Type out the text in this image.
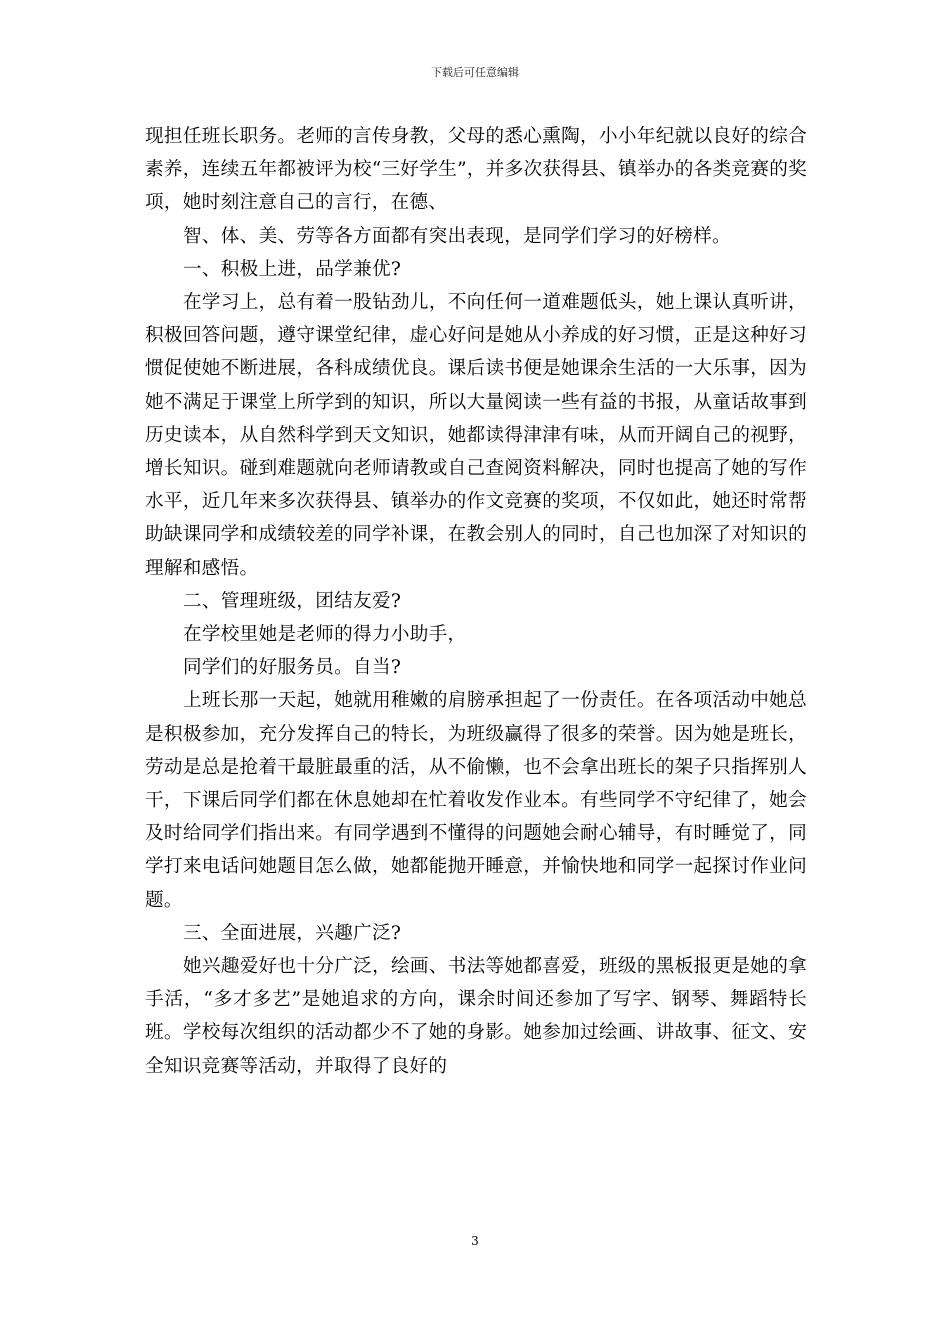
下载后可任意编辑

现担任班长职务。老师的言传身教，父母的悉心熏陶，小小年纪就以良好的综合素养，连续五年都被评为校“三好学生”，并多次获得县、镇举办的各类竞赛的奖项，她时刻注意自己的言行，在德、

智、体、美、劳等各方面都有突出表现，是同学们学习的好榜样。

一、积极上进，品学兼优?

在学习上，总有着一股钻劲儿，不向任何一道难题低头，她上课认真听讲，积极回答问题，遵守课堂纪律，虚心好问是她从小养成的好习惯，正是这种好习惯促使她不断进展，各科成绩优良。课后读书便是她课余生活的一大乐事，因为她不满足于课堂上所学到的知识，所以大量阅读一些有益的书报，从童话故事到历史读本，从自然科学到天文知识，她都读得津津有味，从而开阔自己的视野，增长知识。碰到难题就向老师请教或自己查阅资料解决，同时也提高了她的写作水平，近几年来多次获得县、镇举办的作文竞赛的奖项，不仅如此，她还时常帮助缺课同学和成绩较差的同学补课，在教会别人的同时，自己也加深了对知识的理解和感悟。

二、管理班级，团结友爱?

在学校里她是老师的得力小助手，

同学们的好服务员。自当?

上班长那一天起，她就用稚嫩的肩膀承担起了一份责任。在各项活动中她总是积极参加，充分发挥自己的特长，为班级赢得了很多的荣誉。因为她是班长，劳动是总是抢着干最脏最重的活，从不偷懒，也不会拿出班长的架子只指挥别人干，下课后同学们都在休息她却在忙着收发作业本。有些同学不守纪律了，她会及时给同学们指出来。有同学遇到不懂得的问题她会耐心辅导，有时睡觉了，同学打来电话问她题目怎么做，她都能抛开睡意，并愉快地和同学一起探讨作业问题。

三、全面进展，兴趣广泛?

她兴趣爱好也十分广泛，绘画、书法等她都喜爱，班级的黑板报更是她的拿手活，“多才多艺”是她追求的方向，课余时间还参加了写字、钢琴、舞蹈特长班。学校每次组织的活动都少不了她的身影。她参加过绘画、讲故事、征文、安全知识竞赛等活动，并取得了良好的

3
